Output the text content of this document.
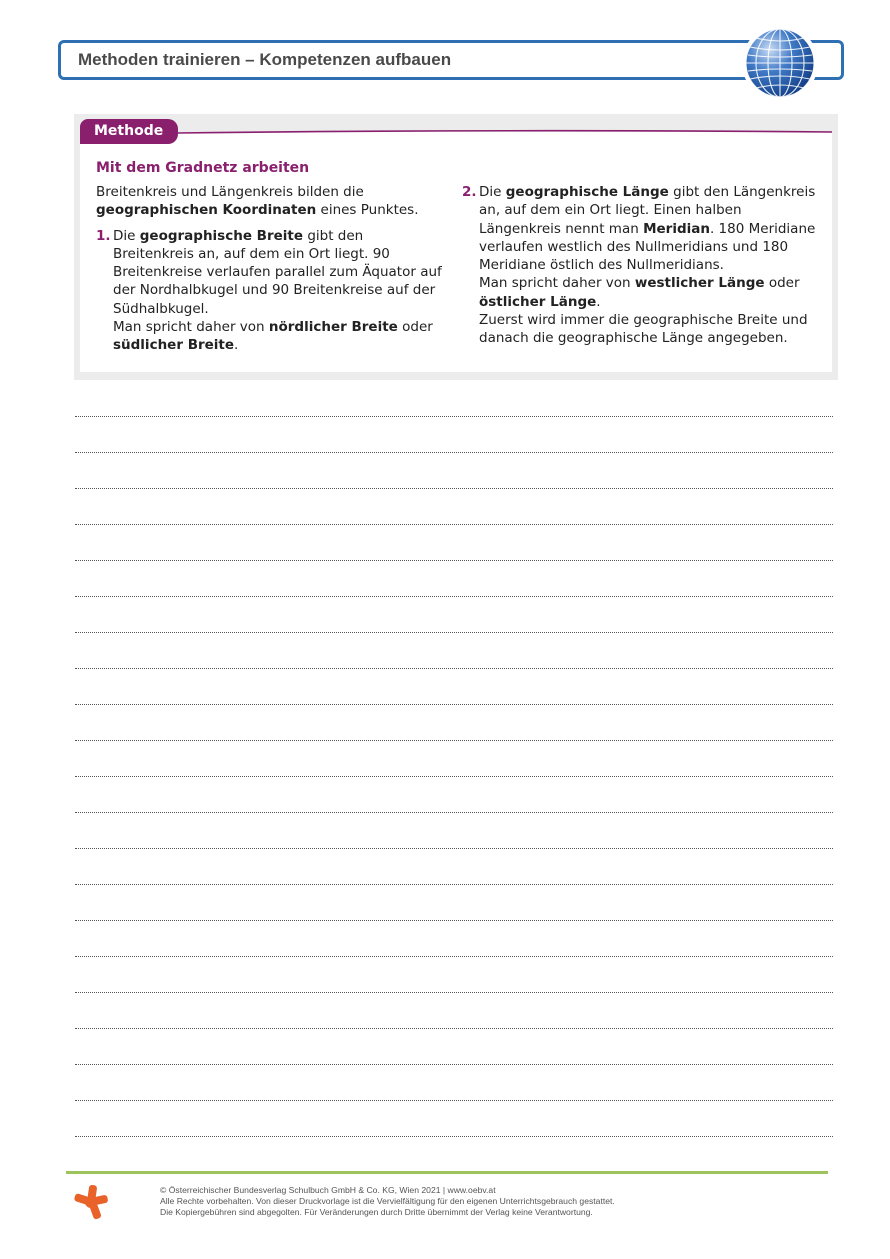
Methoden trainieren – Kompetenzen aufbauen
Methode
Mit dem Gradnetz arbeiten

Breitenkreis und Längenkreis bilden die
geographischen Koordinaten eines Punktes.

1. Die geographische Breite gibt den Breitenkreis an, auf dem ein Ort liegt. 90 Breitenkreise verlaufen parallel zum Äquator auf der Nordhalbkugel und 90 Breitenkreise auf der Südhalbkugel.

Man spricht daher von nördlicher Breite oder
südlicher Breite.

2. Die geographische Länge gibt den Längenkreis an, auf dem ein Ort liegt. Einen halben Längenkreis nennt man Meridian. 180 Meridiane verlaufen westlich des Nullmeridians und 180 Meridiane östlich des Nullmeridians.

Man spricht daher von westlicher Länge oder
östlicher Länge.

Zuerst wird immer die geographische Breite und danach die geographische Länge angegeben.

© Österreichischer Bundesverlag Schulbuch GmbH & Co. KG, Wien 2021 | www.oebv.at
Alle Rechte vorbehalten. Von dieser Druckvorlage ist die Vervielfältigung für den eigenen Unterrichtsgebrauch gestattet.
Die Kopiergebühren sind abgegolten. Für Veränderungen durch Dritte übernimmt der Verlag keine Verantwortung.
